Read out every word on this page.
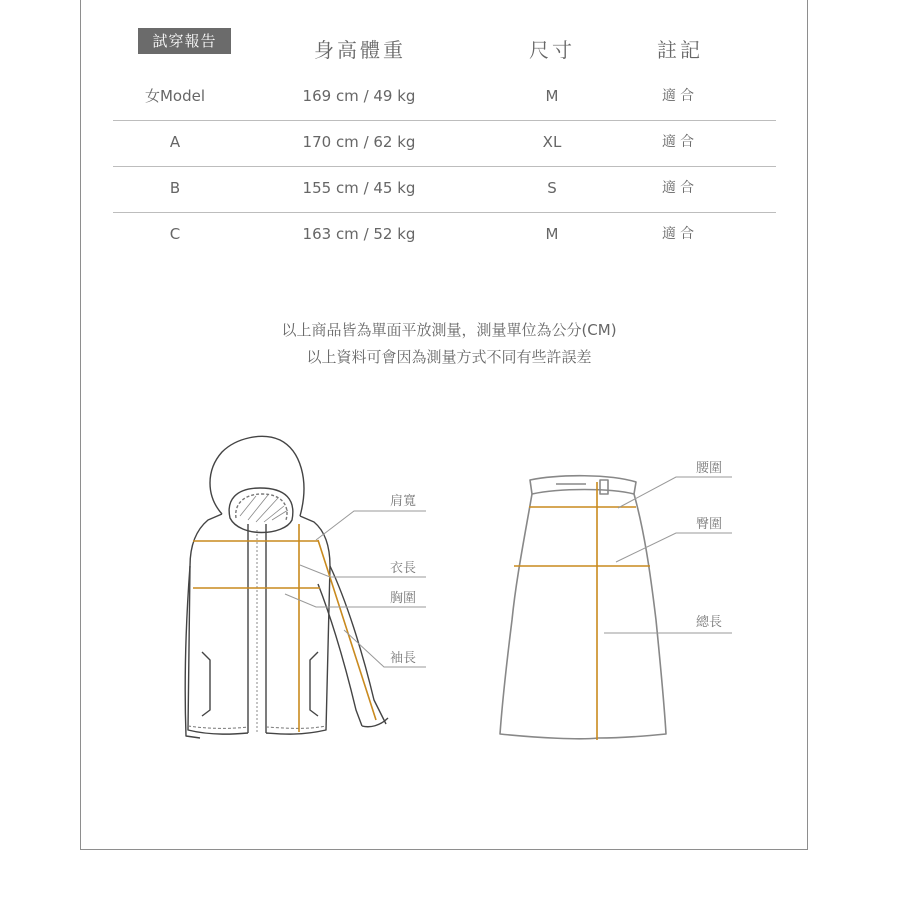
試穿報告	身高體重	尺寸	註記
女Model	169 cm / 49 kg	M	適合
A	170 cm / 62 kg	XL	適合
B	155 cm / 45 kg	S	適合
C	163 cm / 52 kg	M	適合
以上商品皆為單面平放測量，測量單位為公分(CM)
以上資料可會因為測量方式不同有些許誤差
肩寬
衣長
胸圍
袖長
腰圍
臀圍
總長
